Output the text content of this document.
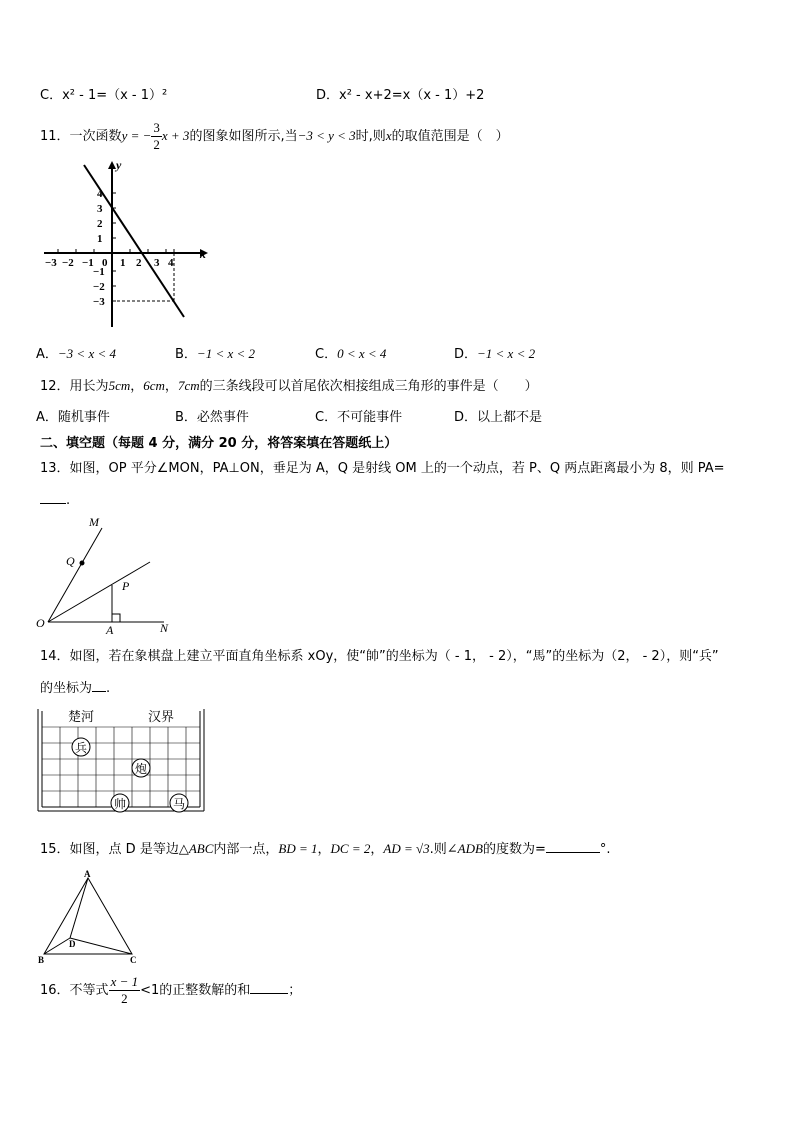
C．x² - 1=（x - 1）²	D．x² - x+2=x（x - 1）+2
11．一次函数y = − $\frac{3}{2}$ x + 3的图象如图所示,当−3 < y < 3时,则x的取值范围是（　）
x
y
−3 −2 −1 0 1 2 3 4
4
3
2
1
−1
−2
−3
A．−3 < x < 4	B．−1 < x < 2	C．0 < x < 4	D．−1 < x < 2
12．用长为5cm，6cm，7cm的三条线段可以首尾依次相接组成三角形的事件是（　　）
A．随机事件	B．必然事件	C．不可能事件	D．以上都不是
二、填空题（每题 4 分，满分 20 分，将答案填在答题纸上）
13．如图，OP 平分∠MON，PA⊥ON，垂足为 A，Q 是射线 OM 上的一个动点，若 P、Q 两点距离最小为 8，则 PA=
.
M
Q
P
O	A	N
14．如图，若在象棋盘上建立平面直角坐标系 xOy，使“帥”的坐标为（ - 1， - 2），“馬”的坐标为（2， - 2），则“兵”
的坐标为 .
楚河	汉界
兵
炮
帅	马
15．如图，点 D 是等边△ABC内部一点，BD = 1，DC = 2，AD = √3.则∠ADB的度数为=	°.
A
B	C
D
16．不等式 $\frac{x - 1}{2} <1$的正整数解的和	；
